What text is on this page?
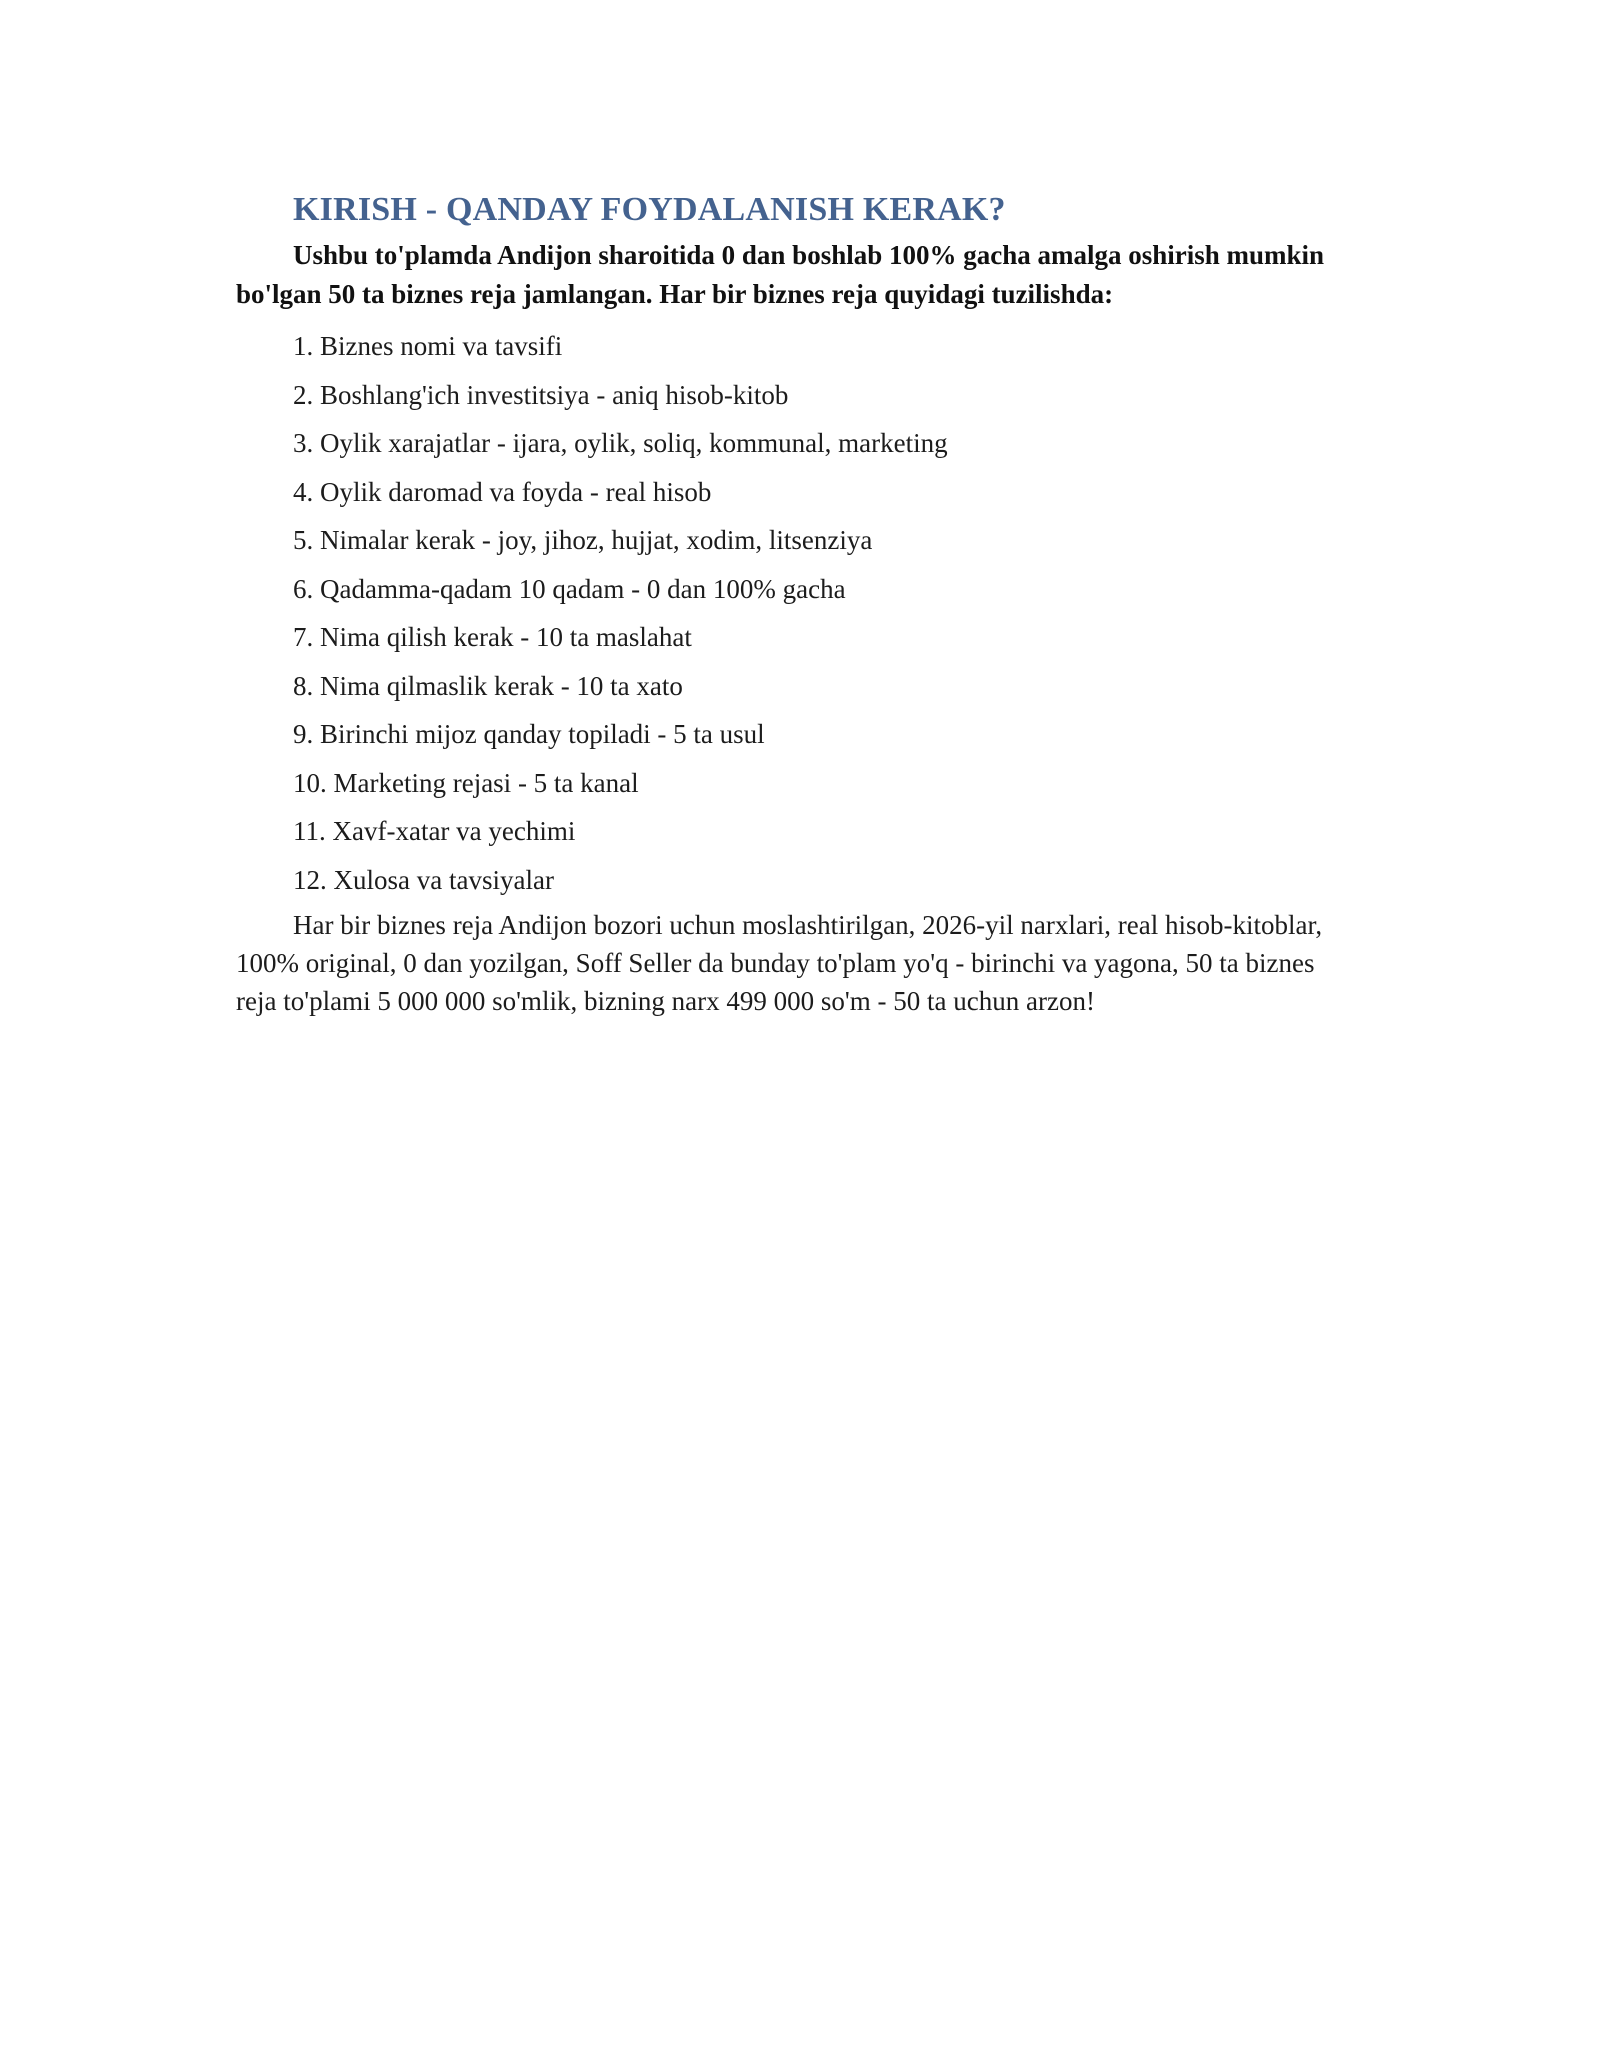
KIRISH - QANDAY FOYDALANISH KERAK?

Ushbu to'plamda Andijon sharoitida 0 dan boshlab 100% gacha amalga oshirish mumkin bo'lgan 50 ta biznes reja jamlangan. Har bir biznes reja quyidagi tuzilishda:

1. Biznes nomi va tavsifi
2. Boshlang'ich investitsiya - aniq hisob-kitob
3. Oylik xarajatlar - ijara, oylik, soliq, kommunal, marketing
4. Oylik daromad va foyda - real hisob
5. Nimalar kerak - joy, jihoz, hujjat, xodim, litsenziya
6. Qadamma-qadam 10 qadam - 0 dan 100% gacha
7. Nima qilish kerak - 10 ta maslahat
8. Nima qilmaslik kerak - 10 ta xato
9. Birinchi mijoz qanday topiladi - 5 ta usul
10. Marketing rejasi - 5 ta kanal
11. Xavf-xatar va yechimi
12. Xulosa va tavsiyalar

Har bir biznes reja Andijon bozori uchun moslashtirilgan, 2026-yil narxlari, real hisob-kitoblar, 100% original, 0 dan yozilgan, Soff Seller da bunday to'plam yo'q - birinchi va yagona, 50 ta biznes reja to'plami 5 000 000 so'mlik, bizning narx 499 000 so'm - 50 ta uchun arzon!
